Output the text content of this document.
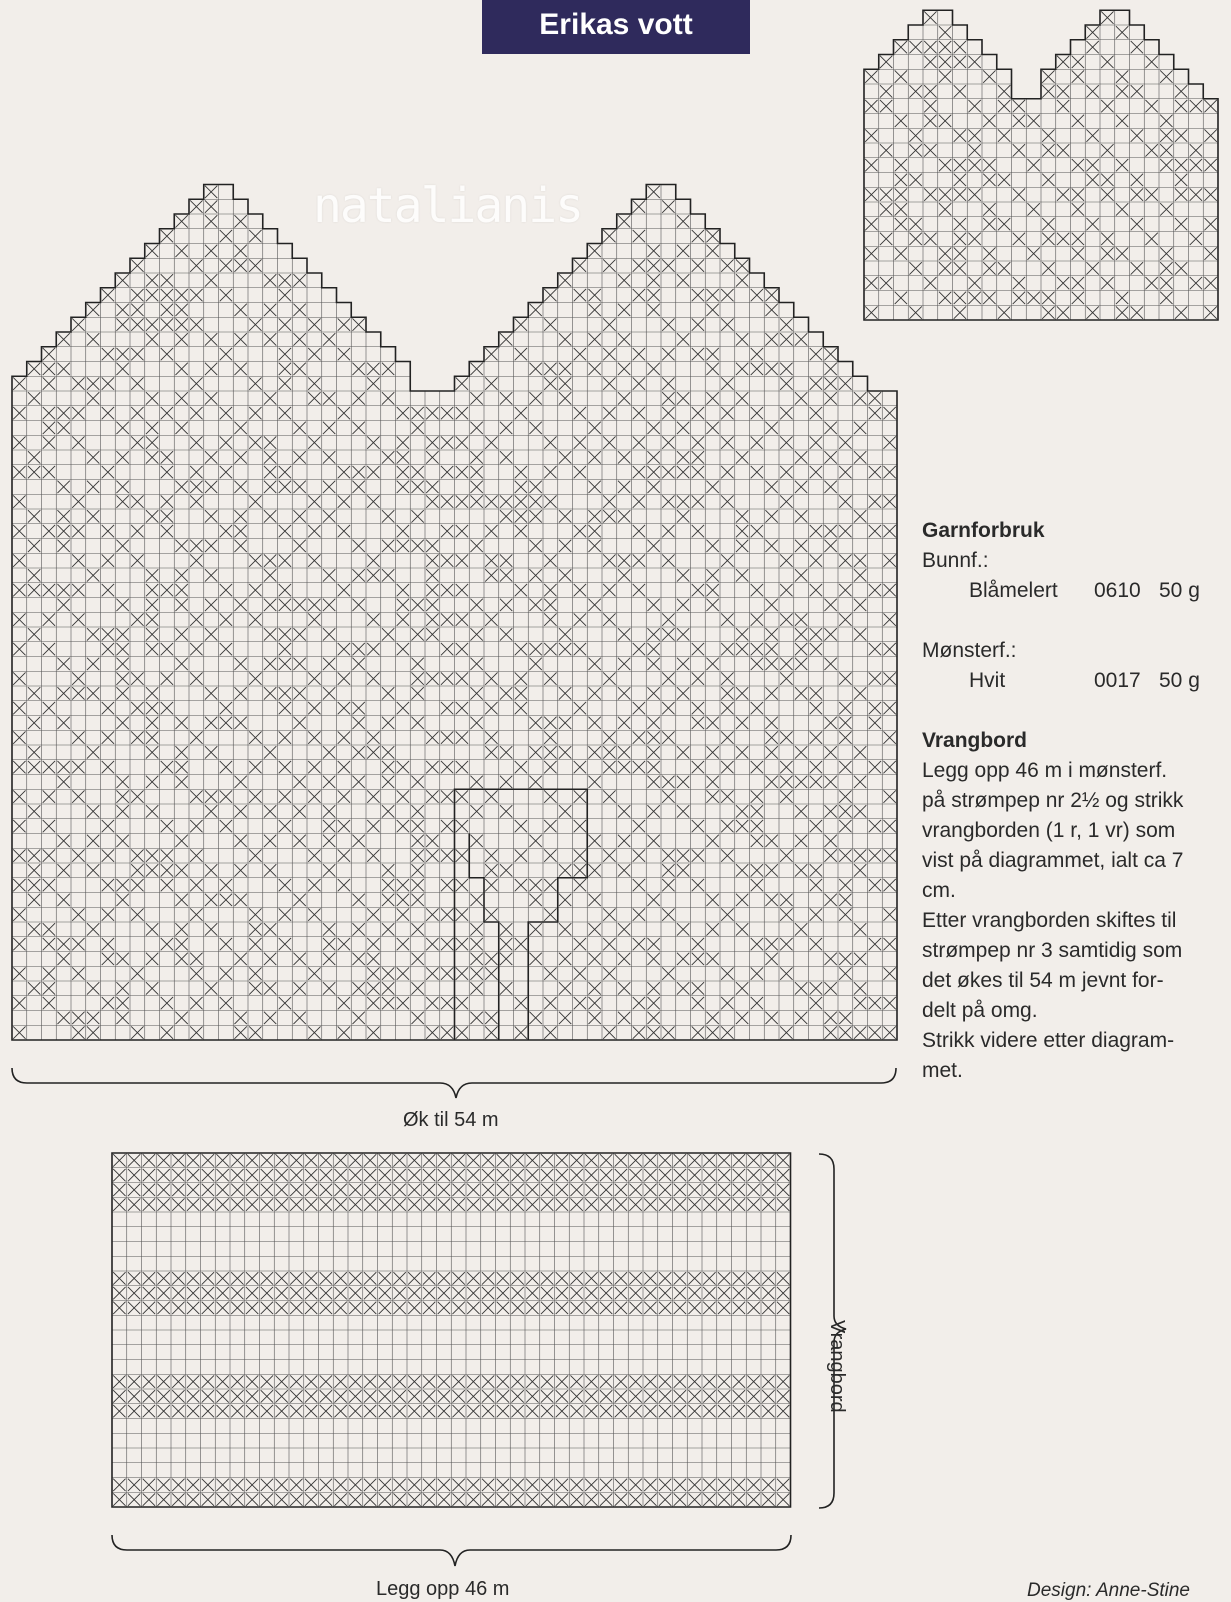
Erikas vott
natalianis
Garnforbruk
Bunnf.:
Blåmelert	0610 50 g
Mønsterf.:
Hvit	0017 50 g
Vrangbord
Legg opp 46 m i mønsterf.
på strømpep nr 2½ og strikk
vrangborden (1 r, 1 vr) som
vist på diagrammet, ialt ca 7
cm.
Etter vrangborden skiftes til
strømpep nr 3 samtidig som
det økes til 54 m jevnt for-
delt på omg.
Strikk videre etter diagram-
met.
Øk til 54 m
Legg opp 46 m
Vrangbord
Design: Anne-Stine
